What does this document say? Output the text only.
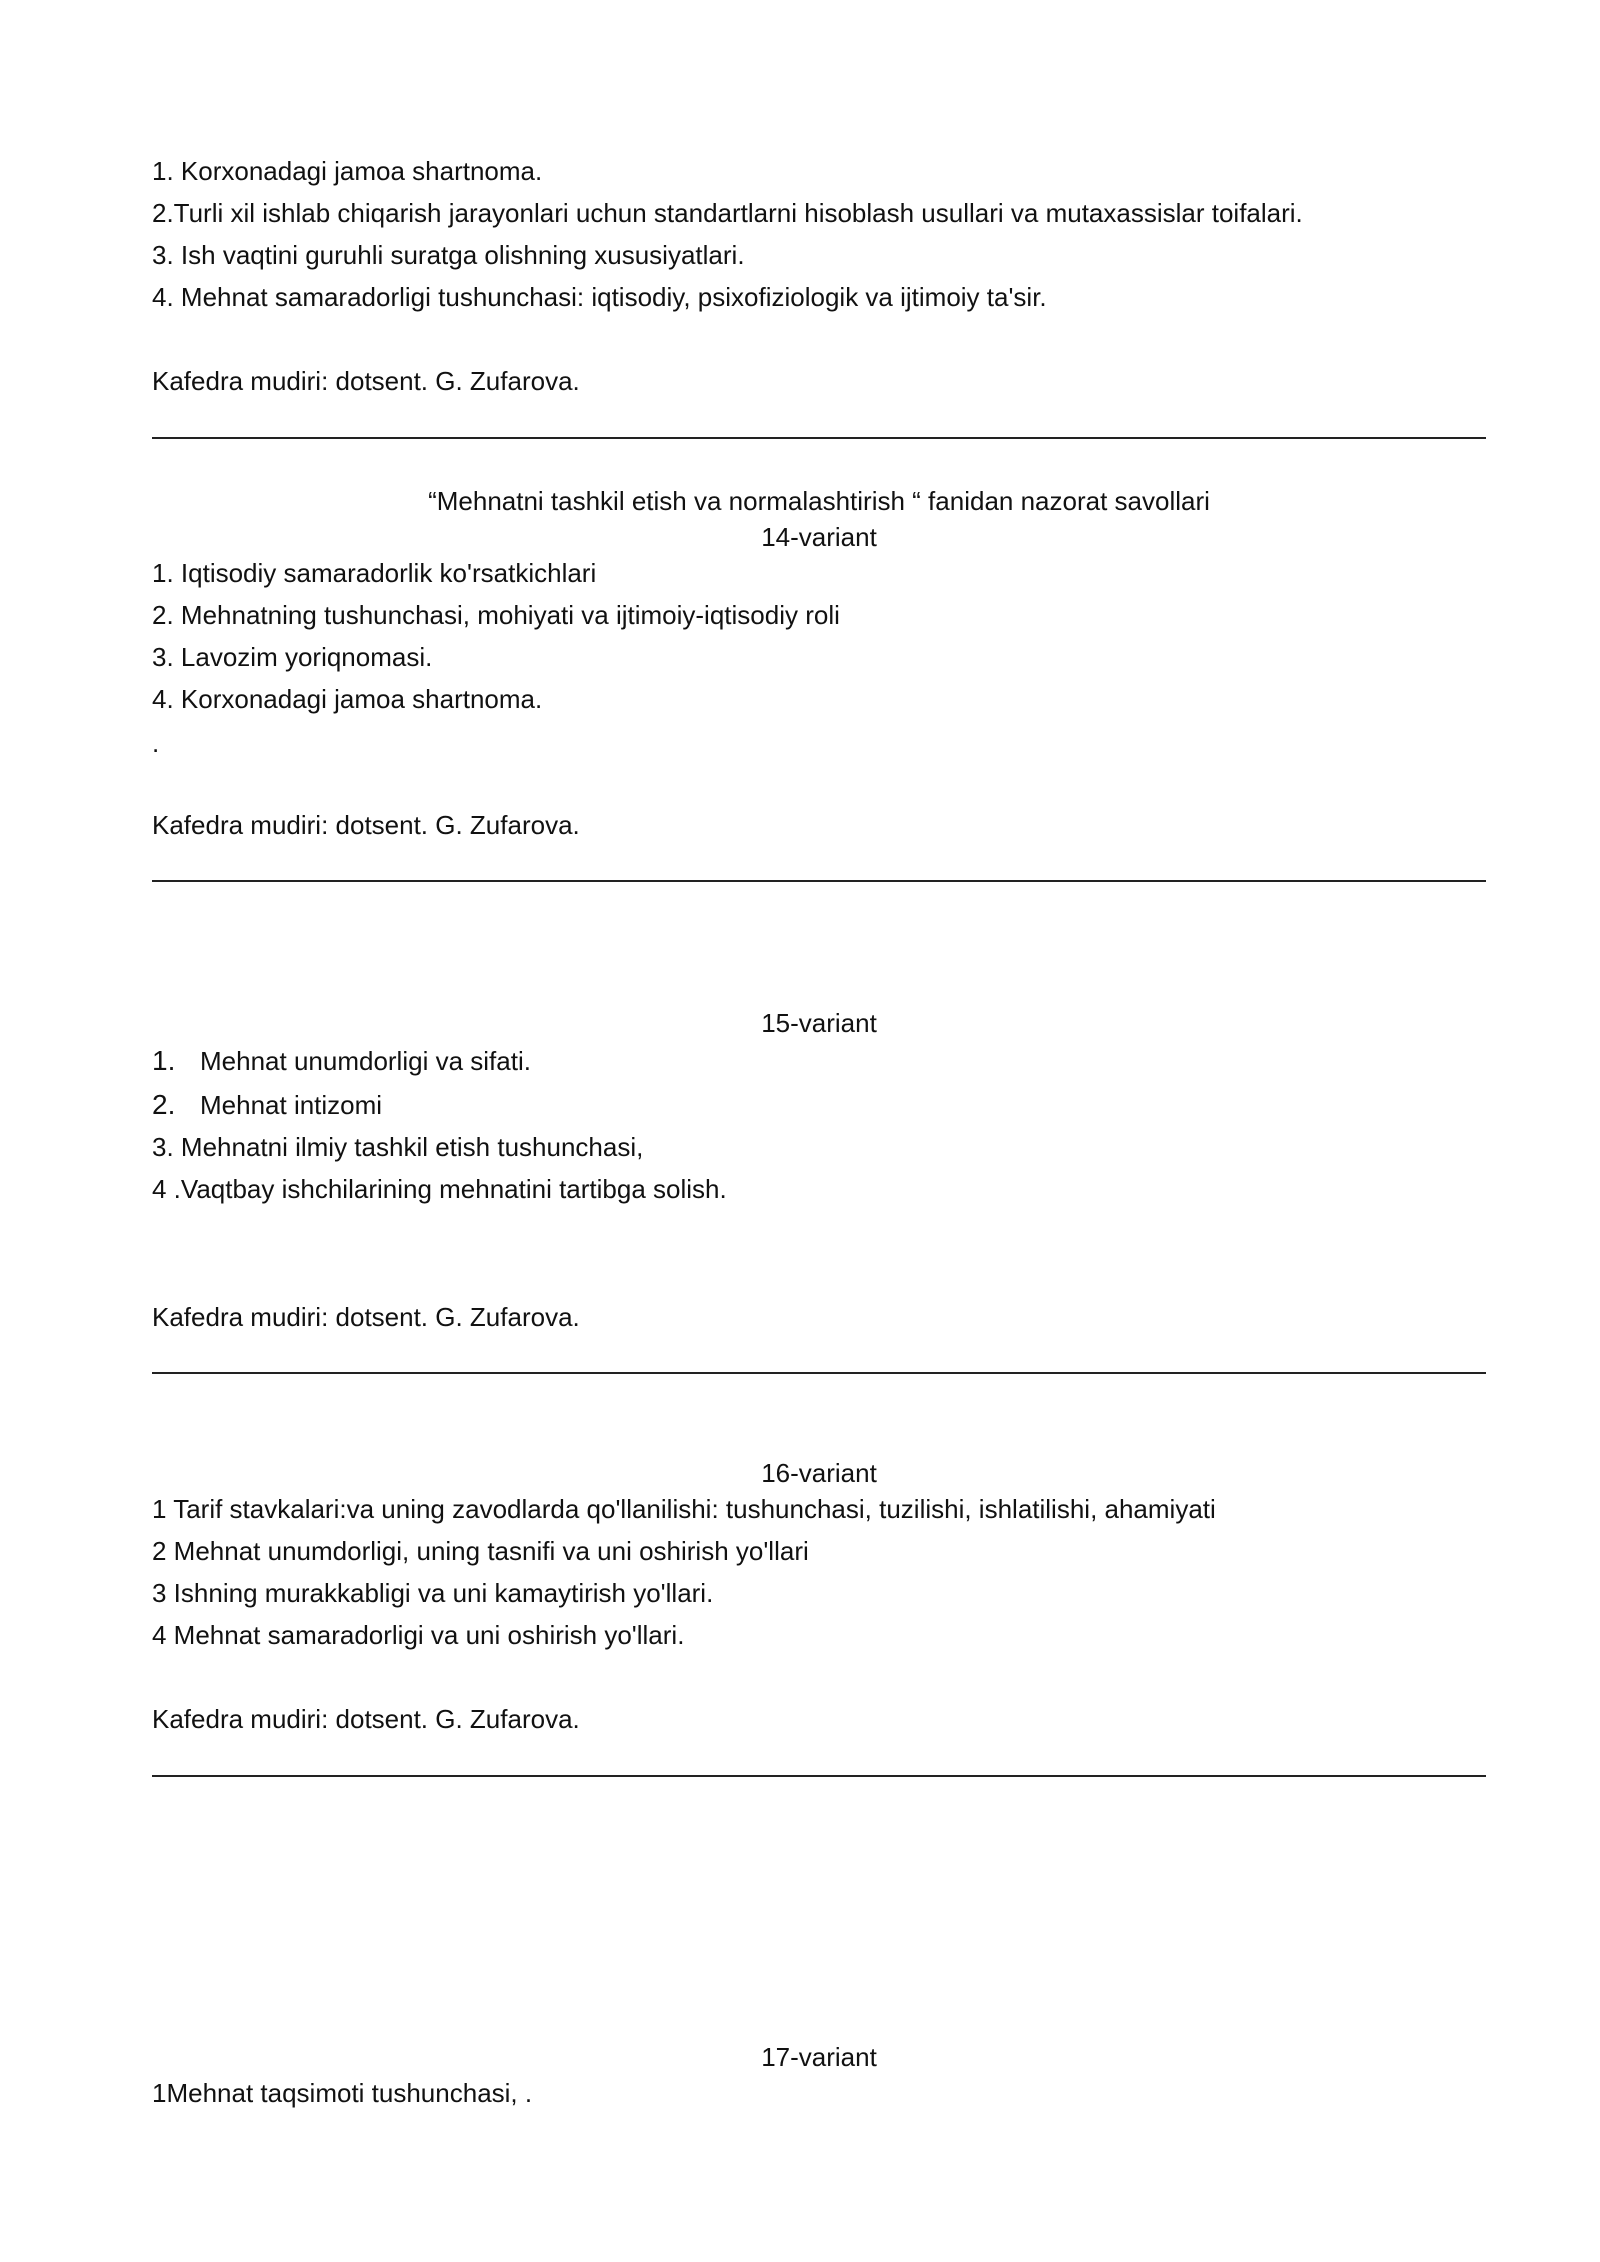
1. Korxonadagi jamoa shartnoma.
2.Turli xil ishlab chiqarish jarayonlari uchun standartlarni hisoblash usullari va mutaxassislar toifalari.
3. Ish vaqtini guruhli suratga olishning xususiyatlari.
4. Mehnat samaradorligi tushunchasi: iqtisodiy, psixofiziologik va ijtimoiy ta'sir.
Kafedra mudiri: dotsent. G. Zufarova.
“Mehnatni tashkil etish va normalashtirish “ fanidan nazorat savollari
14-variant
1. Iqtisodiy samaradorlik ko'rsatkichlari
2. Mehnatning tushunchasi, mohiyati va ijtimoiy-iqtisodiy roli
3. Lavozim yoriqnomasi.
4. Korxonadagi jamoa shartnoma.
.
Kafedra mudiri: dotsent. G. Zufarova.
15-variant
1. Mehnat unumdorligi va sifati.
2. Mehnat intizomi
3. Mehnatni ilmiy tashkil etish tushunchasi,
4 .Vaqtbay ishchilarining mehnatini tartibga solish.
Kafedra mudiri: dotsent. G. Zufarova.
16-variant
1 Tarif stavkalari:va uning zavodlarda qo'llanilishi: tushunchasi, tuzilishi, ishlatilishi, ahamiyati
2 Mehnat unumdorligi, uning tasnifi va uni oshirish yo'llari
3 Ishning murakkabligi va uni kamaytirish yo'llari.
4 Mehnat samaradorligi va uni oshirish yo'llari.
Kafedra mudiri: dotsent. G. Zufarova.
17-variant
1Mehnat taqsimoti tushunchasi, .
